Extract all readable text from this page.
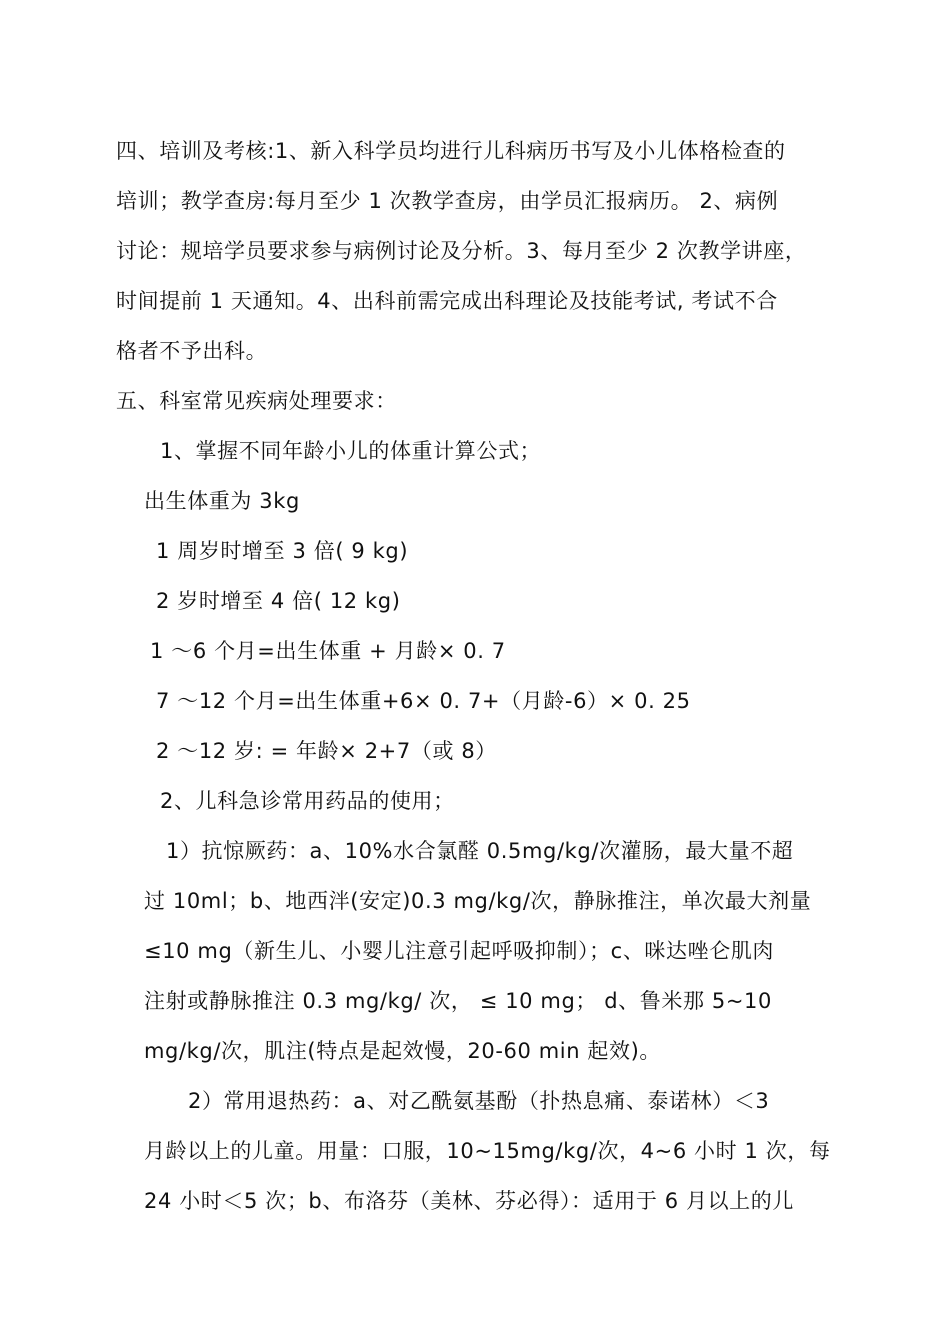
四、培训及考核:1、新入科学员均进行儿科病历书写及小儿体格检查的
培训；教学查房:每月至少 1 次教学查房，由学员汇报病历。 2、病例
讨论：规培学员要求参与病例讨论及分析。3、每月至少 2 次教学讲座，
时间提前 1 天通知。4、出科前需完成出科理论及技能考试, 考试不合
格者不予出科。
五、科室常见疾病处理要求：
1、掌握不同年龄小儿的体重计算公式；
出生体重为 3kg
1 周岁时增至 3 倍( 9 kg)
2 岁时增至 4 倍( 12 kg)
1 ～6 个月=出生体重 + 月龄× 0. 7
7 ～12 个月=出生体重+6× 0. 7+（月龄-6）× 0. 25
2 ～12 岁: = 年龄× 2+7（或 8）
2、儿科急诊常用药品的使用；
1）抗惊厥药：a、10%水合氯醛 0.5mg/kg/次灌肠，最大量不超
过 10ml；b、地西泮(安定)0.3 mg/kg/次，静脉推注，单次最大剂量
≤10 mg（新生儿、小婴儿注意引起呼吸抑制）；c、咪达唑仑肌肉
注射或静脉推注 0.3 mg/kg/ 次， ≤ 10 mg； d、鲁米那 5~10
mg/kg/次，肌注(特点是起效慢，20-60 min 起效)。
2）常用退热药：a、对乙酰氨基酚（扑热息痛、泰诺林）＜3
月龄以上的儿童。用量：口服，10~15mg/kg/次，4~6 小时 1 次，每
24 小时＜5 次；b、布洛芬（美林、芬必得）：适用于 6 月以上的儿
